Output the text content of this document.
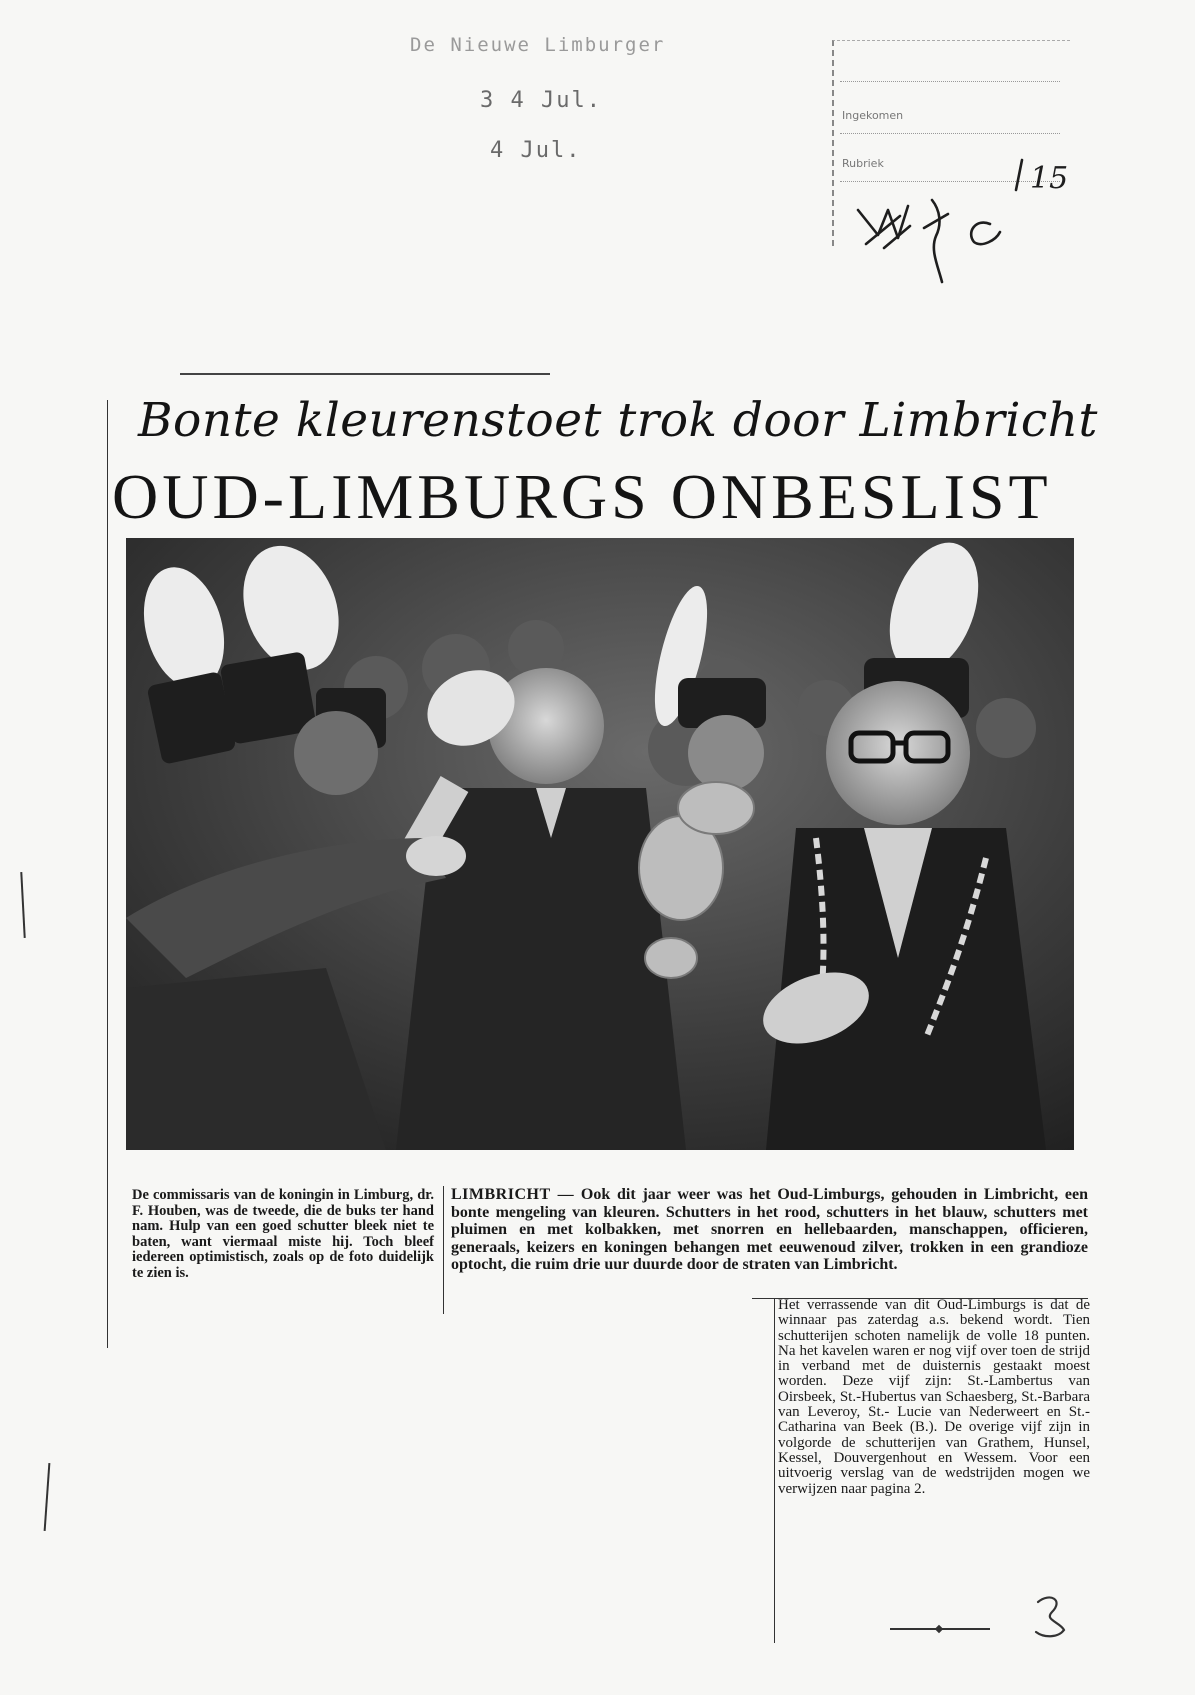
De Nieuwe Limburger
3 4 Jul.
4 Jul.
Ingekomen
Rubriek	15
Bonte kleurenstoet trok door Limbricht
OUD-LIMBURGS ONBESLIST

De commissaris van de koningin in Limburg, dr. F. Houben, was de tweede, die de buks ter hand nam. Hulp van een goed schutter bleek niet te baten, want viermaal miste hij. Toch bleef iedereen optimistisch, zoals op de foto duidelijk te zien is.

LIMBRICHT — Ook dit jaar weer was het Oud-Limburgs, gehouden in Limbricht, een bonte mengeling van kleuren. Schutters in het rood, schutters in het blauw, schutters met pluimen en met kolbakken, met snorren en hellebaarden, manschappen, officieren, generaals, keizers en koningen behangen met eeuwenoud zilver, trokken in een grandioze optocht, die ruim drie uur duurde door de straten van Limbricht.

Het verrassende van dit Oud-Limburgs is dat de winnaar pas zaterdag a.s. bekend wordt. Tien schutterijen schoten namelijk de volle 18 punten. Na het kavelen waren er nog vijf over toen de strijd in verband met de duisternis gestaakt moest worden. Deze vijf zijn: St.-Lambertus van Oirsbeek, St.-Hubertus van Schaesberg, St.-Barbara van Leveroy, St.- Lucie van Nederweert en St.-Catharina van Beek (B.). De overige vijf zijn in volgorde de schutterijen van Grathem, Hunsel, Kessel, Douvergenhout en Wessem. Voor een uitvoerig verslag van de wedstrijden mogen we verwijzen naar pagina 2.
